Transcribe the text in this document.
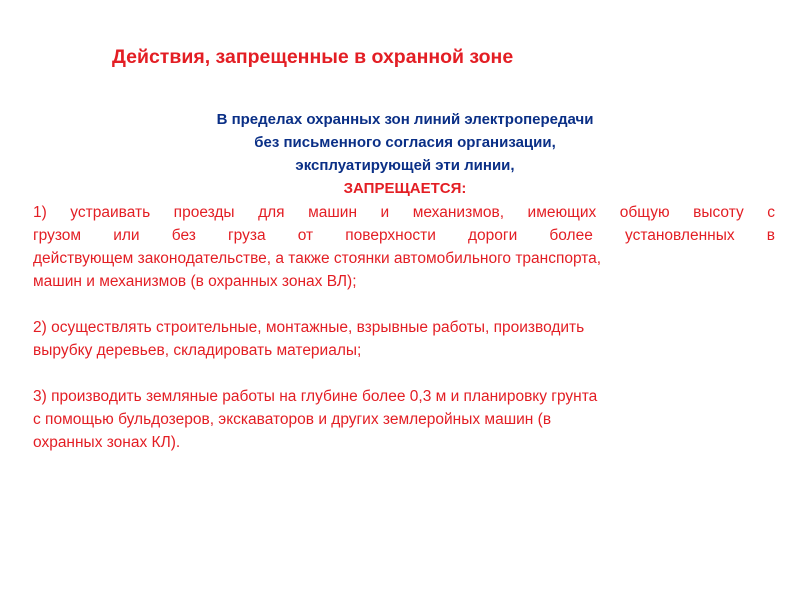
Действия, запрещенные в охранной зоне
В пределах охранных зон линий электропередачи
без письменного согласия организации,
эксплуатирующей эти линии,
ЗАПРЕЩАЕТСЯ:
1) устраивать проезды для машин и механизмов, имеющих общую высоту с
грузом или без груза от поверхности дороги более установленных в
действующем законодательстве, а также стоянки автомобильного транспорта,
машин и механизмов (в охранных зонах ВЛ);
2) осуществлять строительные, монтажные, взрывные работы, производить
вырубку деревьев, складировать материалы;
3) производить земляные работы на глубине более 0,3 м и планировку грунта
с помощью бульдозеров, экскаваторов и других землеройных машин (в
охранных зонах КЛ).
